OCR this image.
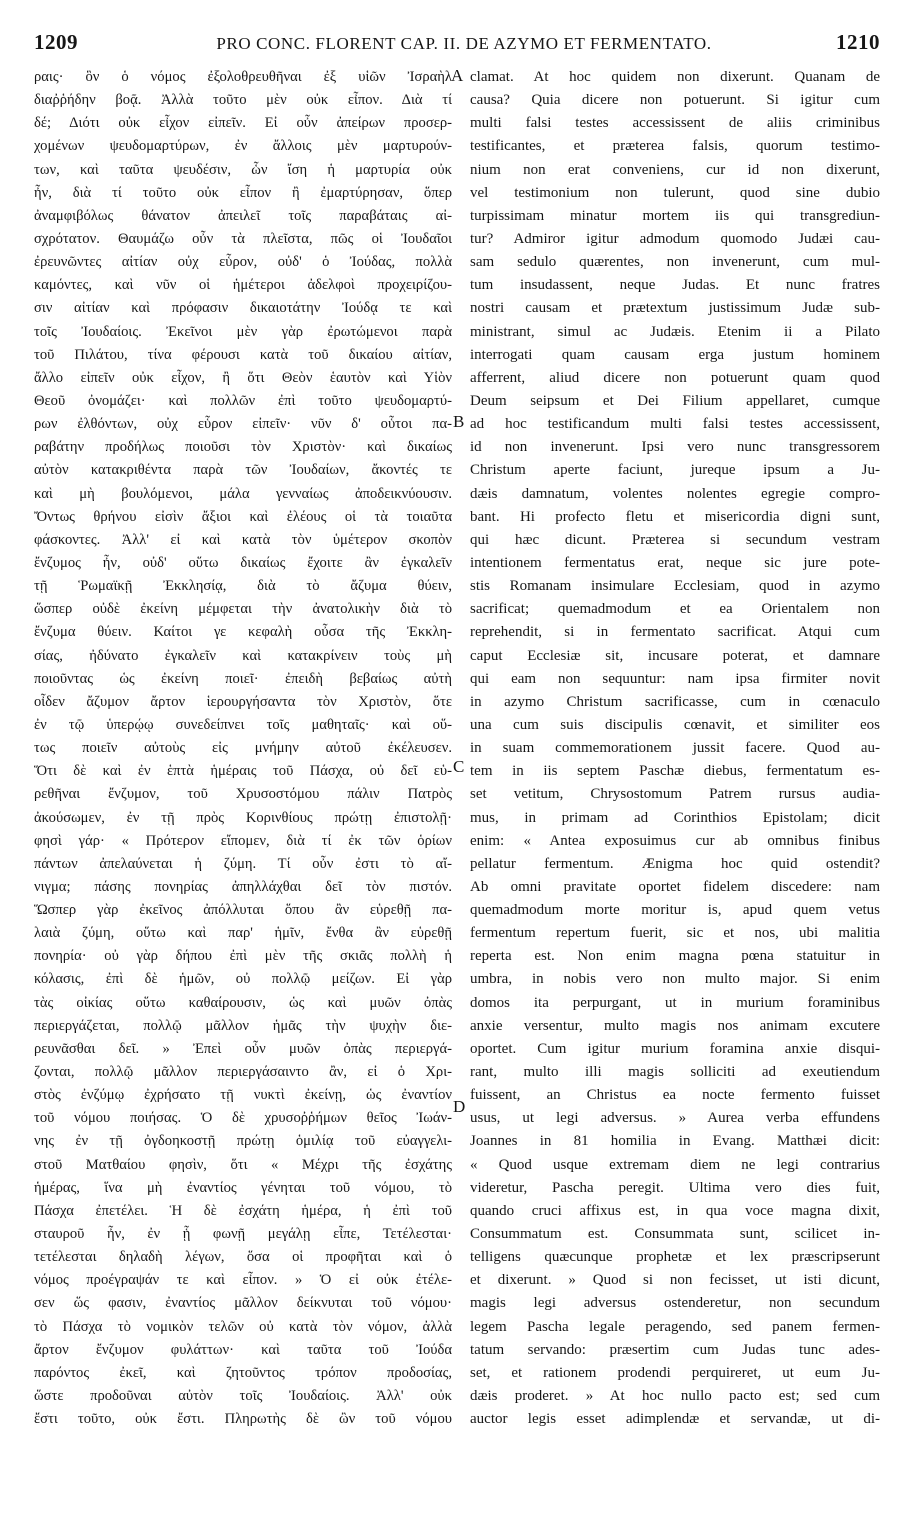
1209	PRO CONC. FLORENT CAP. II. DE AZYMO ET FERMENTATO.	1210
ραις· ὃν ὁ νόμος ἐξολοθρευθῆναι ἐξ υἱῶν Ἰσραὴλ
διαῤῥήδην βοᾷ. Ἀλλὰ τοῦτο μὲν οὐκ εἶπον. Διὰ τί
δέ; Διότι οὐκ εἶχον εἰπεῖν. Εἰ οὖν ἀπείρων προσερ-
χομένων ψευδομαρτύρων, ἐν ἄλλοις μὲν μαρτυρούν-
των, καὶ ταῦτα ψευδέσιν, ὧν ἴση ἡ μαρτυρία οὐκ
ἦν, διὰ τί τοῦτο οὐκ εἶπον ἢ ἐμαρτύρησαν, ὅπερ
ἀναμφιβόλως θάνατον ἀπειλεῖ τοῖς παραβάταις αἰ-
σχρότατον. Θαυμάζω οὖν τὰ πλεῖστα, πῶς οἱ Ἰουδαῖοι
ἐρευνῶντες αἰτίαν οὐχ εὗρον, οὐδ' ὁ Ἰούδας, πολλὰ
καμόντες, καὶ νῦν οἱ ἡμέτεροι ἀδελφοὶ προχειρίζου-
σιν αἰτίαν καὶ πρόφασιν δικαιοτάτην Ἰούδᾳ τε καὶ
τοῖς Ἰουδαίοις. Ἐκεῖνοι μὲν γὰρ ἐρωτώμενοι παρὰ
τοῦ Πιλάτου, τίνα φέρουσι κατὰ τοῦ δικαίου αἰτίαν,
ἄλλο εἰπεῖν οὐκ εἶχον, ἢ ὅτι Θεὸν ἑαυτὸν καὶ Υἱὸν
Θεοῦ ὀνομάζει· καὶ πολλῶν ἐπὶ τοῦτο ψευδομαρτύ-
ρων ἐλθόντων, οὐχ εὗρον εἰπεῖν· νῦν δ' οὗτοι πα-
ραβάτην προδήλως ποιοῦσι τὸν Χριστὸν· καὶ δικαίως
αὐτὸν κατακριθέντα παρὰ τῶν Ἰουδαίων, ἄκοντές τε
καὶ μὴ βουλόμενοι, μάλα γενναίως ἀποδεικνύουσιν.
Ὄντως θρήνου εἰσὶν ἄξιοι καὶ ἐλέους οἱ τὰ τοιαῦτα
φάσκοντες. Ἀλλ' εἰ καὶ κατὰ τὸν ὑμέτερον σκοπὸν
ἔνζυμος ἦν, οὐδ' οὕτω δικαίως ἔχοιτε ἂν ἐγκαλεῖν
τῇ Ῥωμαϊκῇ Ἐκκλησίᾳ, διὰ τὸ ἄζυμα θύειν,
ὥσπερ οὐδὲ ἐκείνη μέμφεται τὴν ἀνατολικὴν διὰ τὸ
ἔνζυμα θύειν. Καίτοι γε κεφαλὴ οὖσα τῆς Ἐκκλη-
σίας, ἠδύνατο ἐγκαλεῖν καὶ κατακρίνειν τοὺς μὴ
ποιοῦντας ὡς ἐκείνη ποιεῖ· ἐπειδὴ βεβαίως αὐτὴ
οἶδεν ἄζυμον ἄρτον ἱερουργήσαντα τὸν Χριστὸν, ὅτε
ἐν τῷ ὑπερῴῳ συνεδείπνει τοῖς μαθηταῖς· καὶ οὕ-
τως ποιεῖν αὐτοὺς εἰς μνήμην αὐτοῦ ἐκέλευσεν.
Ὅτι δὲ καὶ ἐν ἑπτὰ ἡμέραις τοῦ Πάσχα, οὐ δεῖ εὑ-
ρεθῆναι ἔνζυμον, τοῦ Χρυσοστόμου πάλιν Πατρὸς
ἀκούσωμεν, ἐν τῇ πρὸς Κορινθίους πρώτῃ ἐπιστολῇ·
φησὶ γάρ· « Πρότερον εἴπομεν, διὰ τί ἐκ τῶν ὁρίων
πάντων ἀπελαύνεται ἡ ζύμη. Τί οὖν ἐστι τὸ αἴ-
νιγμα; πάσης πονηρίας ἀπηλλάχθαι δεῖ τὸν πιστόν.
Ὥσπερ γὰρ ἐκεῖνος ἀπόλλυται ὅπου ἂν εὑρεθῇ πα-
λαιὰ ζύμη, οὕτω καὶ παρ' ἡμῖν, ἔνθα ἂν εὑρεθῇ
πονηρία· οὐ γὰρ δήπου ἐπὶ μὲν τῆς σκιᾶς πολλὴ ἡ
κόλασις, ἐπὶ δὲ ἡμῶν, οὐ πολλῷ μείζων. Εἰ γὰρ
τὰς οἰκίας οὕτω καθαίρουσιν, ὡς καὶ μυῶν ὀπὰς
περιεργάζεται, πολλῷ μᾶλλον ἡμᾶς τὴν ψυχὴν διε-
ρευνᾶσθαι δεῖ. » Ἐπεὶ οὖν μυῶν ὀπὰς περιεργά-
ζονται, πολλῷ μᾶλλον περιεργάσαιντο ἂν, εἰ ὁ Χρι-
στὸς ἐνζύμῳ ἐχρήσατο τῇ νυκτὶ ἐκείνῃ, ὡς ἐναντίον
τοῦ νόμου ποιήσας. Ὁ δὲ χρυσοῤῥήμων θεῖος Ἰωάν-
νης ἐν τῇ ὀγδοηκοστῇ πρώτῃ ὁμιλίᾳ τοῦ εὐαγγελι-
στοῦ Ματθαίου φησὶν, ὅτι « Μέχρι τῆς ἐσχάτης
ἡμέρας, ἵνα μὴ ἐναντίος γένηται τοῦ νόμου, τὸ
Πάσχα ἐπετέλει. Ἡ δὲ ἐσχάτη ἡμέρα, ἡ ἐπὶ τοῦ
σταυροῦ ἦν, ἐν ᾗ φωνῇ μεγάλῃ εἶπε, Τετέλεσται·
τετέλεσται δηλαδὴ λέγων, ὅσα οἱ προφῆται καὶ ὁ
νόμος προέγραψάν τε καὶ εἶπον. » Ὁ εἰ οὐκ ἐτέλε-
σεν ὥς φασιν, ἐναντίος μᾶλλον δείκνυται τοῦ νόμου·
τὸ Πάσχα τὸ νομικὸν τελῶν οὐ κατὰ τὸν νόμον, ἀλλὰ
ἄρτον ἔνζυμον φυλάττων· καὶ ταῦτα τοῦ Ἰούδα
παρόντος ἐκεῖ, καὶ ζητοῦντος τρόπον προδοσίας,
ὥστε προδοῦναι αὐτὸν τοῖς Ἰουδαίοις. Ἀλλ' οὐκ
ἔστι τοῦτο, οὐκ ἔστι. Πληρωτὴς δὲ ὢν τοῦ νόμου
clamat. At hoc quidem non dixerunt. Quanam de
causa? Quia dicere non potuerunt. Si igitur cum
multi falsi testes accessissent de aliis criminibus
testificantes, et præterea falsis, quorum testimo-
nium non erat conveniens, cur id non dixerunt,
vel testimonium non tulerunt, quod sine dubio
turpissimam minatur mortem iis qui transgrediun-
tur? Admiror igitur admodum quomodo Judæi cau-
sam sedulo quærentes, non invenerunt, cum mul-
tum insudassent, neque Judas. Et nunc fratres
nostri causam et prætextum justissimum Judæ sub-
ministrant, simul ac Judæis. Etenim ii a Pilato
interrogati quam causam erga justum hominem
afferrent, aliud dicere non potuerunt quam quod
Deum seipsum et Dei Filium appellaret, cumque
ad hoc testificandum multi falsi testes accessissent,
id non invenerunt. Ipsi vero nunc transgressorem
Christum aperte faciunt, jureque ipsum a Ju-
dæis damnatum, volentes nolentes egregie compro-
bant. Hi profecto fletu et misericordia digni sunt,
qui hæc dicunt. Præterea si secundum vestram
intentionem fermentatus erat, neque sic jure pote-
stis Romanam insimulare Ecclesiam, quod in azymo
sacrificat; quemadmodum et ea Orientalem non
reprehendit, si in fermentato sacrificat. Atqui cum
caput Ecclesiæ sit, incusare poterat, et damnare
qui eam non sequuntur: nam ipsa firmiter novit
in azymo Christum sacrificasse, cum in cœnaculo
una cum suis discipulis cœnavit, et similiter eos
in suam commemorationem jussit facere. Quod au-
tem in iis septem Paschæ diebus, fermentatum es-
set vetitum, Chrysostomum Patrem rursus audia-
mus, in primam ad Corinthios Epistolam; dicit
enim: « Antea exposuimus cur ab omnibus finibus
pellatur fermentum. Ænigma hoc quid ostendit?
Ab omni pravitate oportet fidelem discedere: nam
quemadmodum morte moritur is, apud quem vetus
fermentum repertum fuerit, sic et nos, ubi malitia
reperta est. Non enim magna pœna statuitur in
umbra, in nobis vero non multo major. Si enim
domos ita perpurgant, ut in murium foraminibus
anxie versentur, multo magis nos animam excutere
oportet. Cum igitur murium foramina anxie disqui-
rant, multo illi magis solliciti ad exeutiendum
fuissent, an Christus ea nocte fermento fuisset
usus, ut legi adversus. » Aurea verba effundens
Joannes in 81 homilia in Evang. Matthæi dicit:
« Quod usque extremam diem ne legi contrarius
videretur, Pascha peregit. Ultima vero dies fuit,
quando cruci affixus est, in qua voce magna dixit,
Consummatum est. Consummata sunt, scilicet in-
telligens quæcunque prophetæ et lex præscripserunt
et dixerunt. » Quod si non fecisset, ut isti dicunt,
magis legi adversus ostenderetur, non secundum
legem Pascha legale peragendo, sed panem fermen-
tatum servando: præsertim cum Judas tunc ades-
set, et rationem prodendi perquireret, ut eum Ju-
dæis proderet. » At hoc nullo pacto est; sed cum
auctor legis esset adimplendæ et servandæ, ut di-
A
B
C
D
